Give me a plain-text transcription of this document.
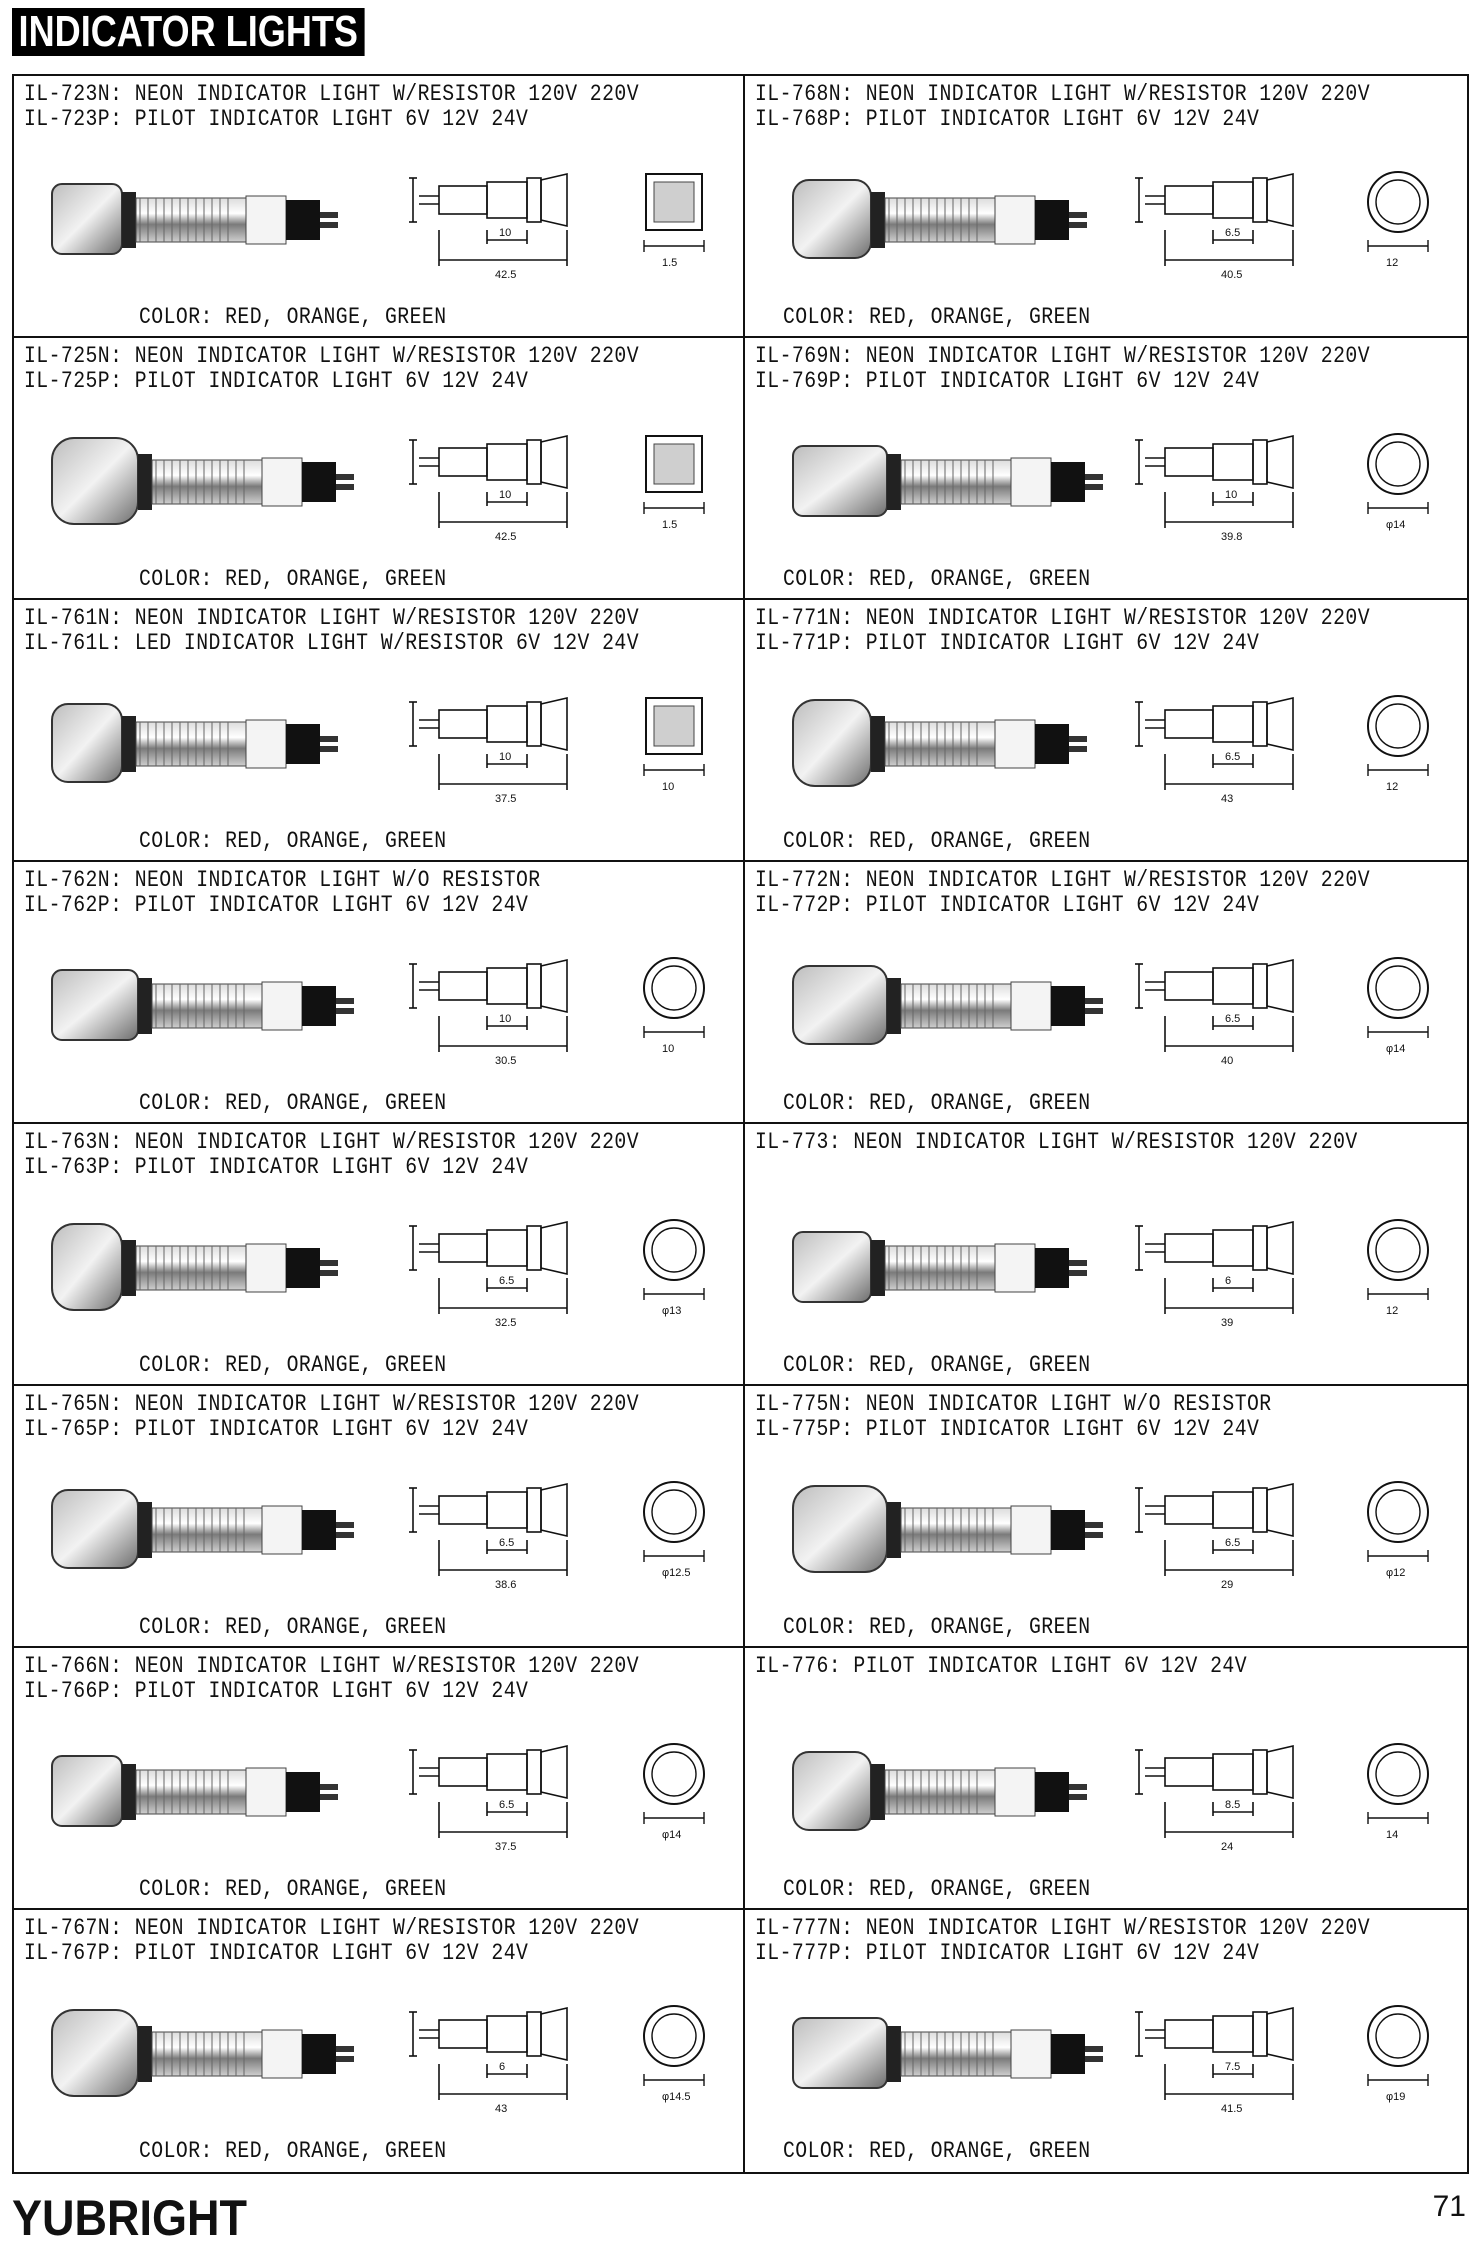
INDICATOR LIGHTS
IL-723N: NEON INDICATOR LIGHT W/RESISTOR 120V 220V
IL-723P: PILOT INDICATOR LIGHT 6V 12V 24V
42.5
10
1.5
COLOR: RED, ORANGE, GREEN
IL-768N: NEON INDICATOR LIGHT W/RESISTOR 120V 220V
IL-768P: PILOT INDICATOR LIGHT 6V 12V 24V
40.5
6.5
12
COLOR: RED, ORANGE, GREEN
IL-725N: NEON INDICATOR LIGHT W/RESISTOR 120V 220V
IL-725P: PILOT INDICATOR LIGHT 6V 12V 24V
42.5
10
1.5
COLOR: RED, ORANGE, GREEN
IL-769N: NEON INDICATOR LIGHT W/RESISTOR 120V 220V
IL-769P: PILOT INDICATOR LIGHT 6V 12V 24V
39.8
10
φ14
COLOR: RED, ORANGE, GREEN
IL-761N: NEON INDICATOR LIGHT W/RESISTOR 120V 220V
IL-761L: LED INDICATOR LIGHT W/RESISTOR 6V 12V 24V
37.5
10
10
COLOR: RED, ORANGE, GREEN
IL-771N: NEON INDICATOR LIGHT W/RESISTOR 120V 220V
IL-771P: PILOT INDICATOR LIGHT 6V 12V 24V
43
6.5
12
COLOR: RED, ORANGE, GREEN
IL-762N: NEON INDICATOR LIGHT W/O RESISTOR
IL-762P: PILOT INDICATOR LIGHT 6V 12V 24V
30.5
10
10
COLOR: RED, ORANGE, GREEN
IL-772N: NEON INDICATOR LIGHT W/RESISTOR 120V 220V
IL-772P: PILOT INDICATOR LIGHT 6V 12V 24V
40
6.5
φ14
COLOR: RED, ORANGE, GREEN
IL-763N: NEON INDICATOR LIGHT W/RESISTOR 120V 220V
IL-763P: PILOT INDICATOR LIGHT 6V 12V 24V
32.5
6.5
φ13
COLOR: RED, ORANGE, GREEN
IL-773: NEON INDICATOR LIGHT W/RESISTOR 120V 220V
39
6
12
COLOR: RED, ORANGE, GREEN
IL-765N: NEON INDICATOR LIGHT W/RESISTOR 120V 220V
IL-765P: PILOT INDICATOR LIGHT 6V 12V 24V
38.6
6.5
φ12.5
COLOR: RED, ORANGE, GREEN
IL-775N: NEON INDICATOR LIGHT W/O RESISTOR
IL-775P: PILOT INDICATOR LIGHT 6V 12V 24V
29
6.5
φ12
COLOR: RED, ORANGE, GREEN
IL-766N: NEON INDICATOR LIGHT W/RESISTOR 120V 220V
IL-766P: PILOT INDICATOR LIGHT 6V 12V 24V
37.5
6.5
φ14
COLOR: RED, ORANGE, GREEN
IL-776: PILOT INDICATOR LIGHT 6V 12V 24V
24
8.5
14
COLOR: RED, ORANGE, GREEN
IL-767N: NEON INDICATOR LIGHT W/RESISTOR 120V 220V
IL-767P: PILOT INDICATOR LIGHT 6V 12V 24V
43
6
φ14.5
COLOR: RED, ORANGE, GREEN
IL-777N: NEON INDICATOR LIGHT W/RESISTOR 120V 220V
IL-777P: PILOT INDICATOR LIGHT 6V 12V 24V
41.5
7.5
φ19
COLOR: RED, ORANGE, GREEN
YUBRIGHT	71
